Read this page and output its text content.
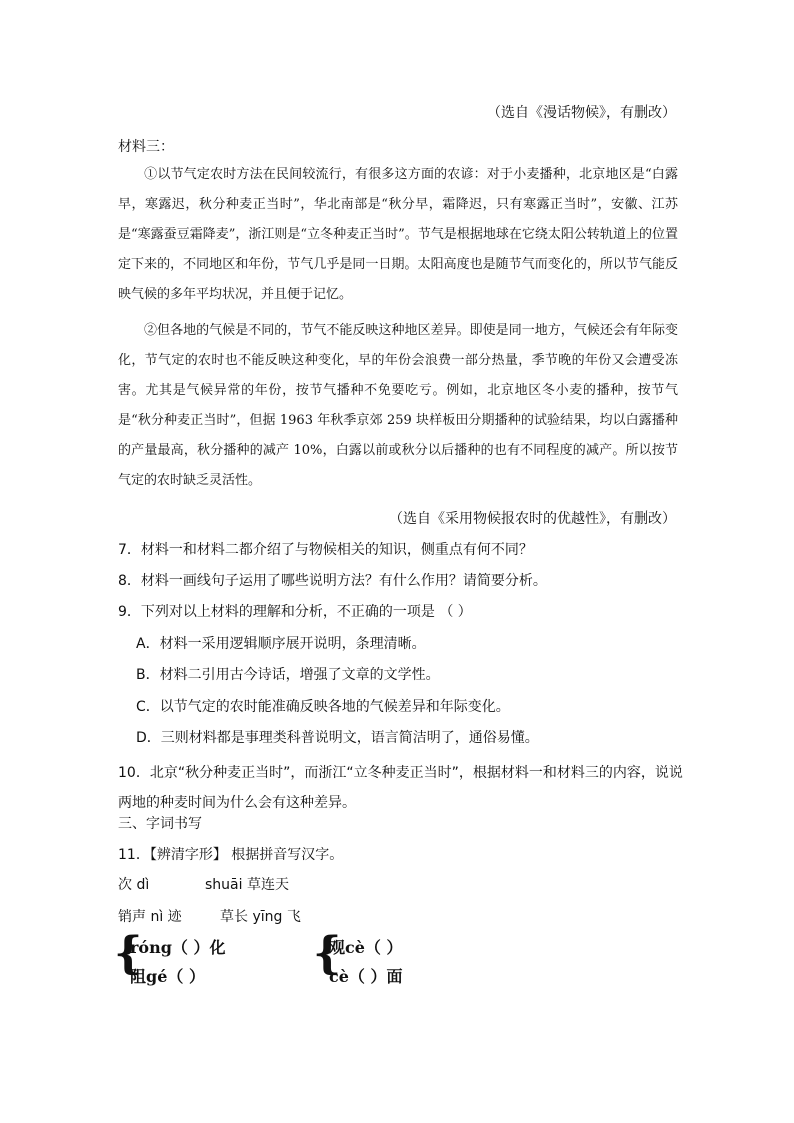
（选自《漫话物候》，有删改）
材料三：
①以节气定农时方法在民间较流行，有很多这方面的农谚：对于小麦播种，北京地区是“白露早，寒露迟，秋分种麦正当时”，华北南部是“秋分早，霜降迟，只有寒露正当时”，安徽、江苏是“寒露蚕豆霜降麦”，浙江则是“立冬种麦正当时”。节气是根据地球在它绕太阳公转轨道上的位置定下来的，不同地区和年份，节气几乎是同一日期。太阳高度也是随节气而变化的，所以节气能反映气候的多年平均状况，并且便于记忆。
②但各地的气候是不同的，节气不能反映这种地区差异。即使是同一地方，气候还会有年际变化，节气定的农时也不能反映这种变化，早的年份会浪费一部分热量，季节晚的年份又会遭受冻害。尤其是气候异常的年份，按节气播种不免要吃亏。例如，北京地区冬小麦的播种，按节气是“秋分种麦正当时”，但据 1963 年秋季京郊 259 块样板田分期播种的试验结果，均以白露播种的产量最高，秋分播种的减产 10%，白露以前或秋分以后播种的也有不同程度的减产。所以按节气定的农时缺乏灵活性。
（选自《采用物候报农时的优越性》，有删改）
7．材料一和材料二都介绍了与物候相关的知识，侧重点有何不同？
8．材料一画线句子运用了哪些说明方法？有什么作用？请简要分析。
9．下列对以上材料的理解和分析，不正确的一项是 （ ）
A．材料一采用逻辑顺序展开说明，条理清晰。
B．材料二引用古今诗话，增强了文章的文学性。
C．以节气定的农时能准确反映各地的气候差异和年际变化。
D．三则材料都是事理类科普说明文，语言简洁明了，通俗易懂。
10．北京“秋分种麦正当时”，而浙江“立冬种麦正当时”，根据材料一和材料三的内容，说说两地的种麦时间为什么会有这种差异。
三、字词书写
11．【辨清字形】 根据拼音写汉字。
次 dì	shuāi 草连天
销声 nì 迹	草长 yīng 飞
{
róng（ ）化
阻gé（ ） {
观cè（ ）
cè（ ）面
